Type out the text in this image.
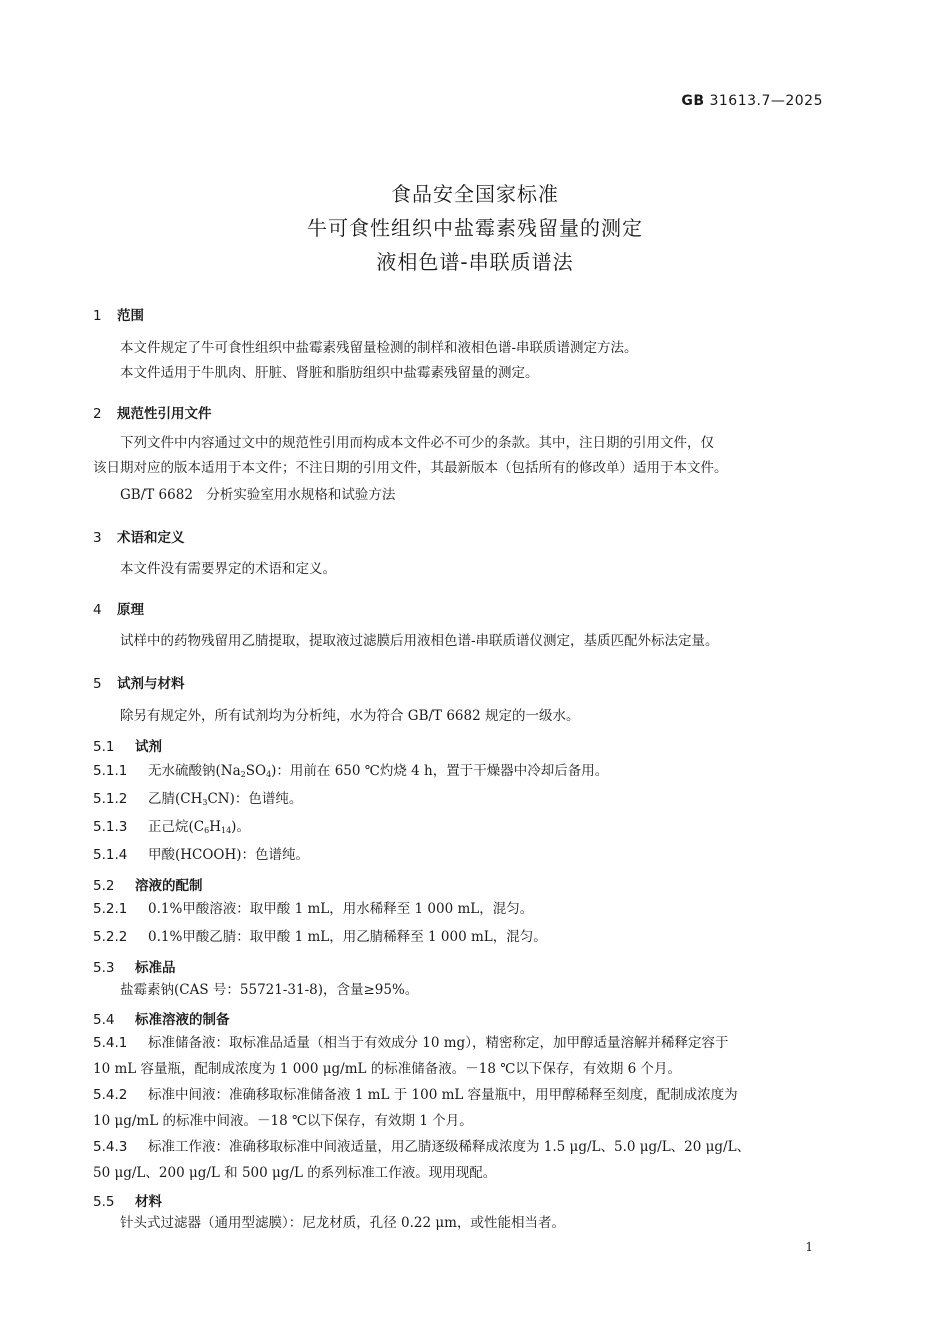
GB 31613.7—2025
食品安全国家标准
牛可食性组织中盐霉素残留量的测定
液相色谱-串联质谱法
1 范围
本文件规定了牛可食性组织中盐霉素残留量检测的制样和液相色谱-串联质谱测定方法。
本文件适用于牛肌肉、肝脏、肾脏和脂肪组织中盐霉素残留量的测定。
2 规范性引用文件
下列文件中内容通过文中的规范性引用而构成本文件必不可少的条款。其中，注日期的引用文件，仅
该日期对应的版本适用于本文件；不注日期的引用文件，其最新版本（包括所有的修改单）适用于本文件。
GB/T 6682　分析实验室用水规格和试验方法
3 术语和定义
本文件没有需要界定的术语和定义。
4 原理
试样中的药物残留用乙腈提取，提取液过滤膜后用液相色谱-串联质谱仪测定，基质匹配外标法定量。
5 试剂与材料
除另有规定外，所有试剂均为分析纯，水为符合 GB/T 6682 规定的一级水。
5.1 试剂
5.1.1 无水硫酸钠$(Na_2SO_4)$：用前在 650 ℃灼烧 4 h，置于干燥器中冷却后备用。
5.1.2 乙腈$(CH_3CN)$：色谱纯。
5.1.3 正己烷$(C_6H_{14})$。
5.1.4 甲酸(HCOOH)：色谱纯。
5.2 溶液的配制
5.2.1 0.1%甲酸溶液：取甲酸 1 mL，用水稀释至 1 000 mL，混匀。
5.2.2 0.1%甲酸乙腈：取甲酸 1 mL，用乙腈稀释至 1 000 mL，混匀。
5.3 标准品
盐霉素钠(CAS 号：55721-31-8)，含量≥95%。
5.4 标准溶液的制备
5.4.1 标准储备液：取标准品适量（相当于有效成分 10 mg），精密称定，加甲醇适量溶解并稀释定容于
10 mL 容量瓶，配制成浓度为 1 000 μg/mL 的标准储备液。－18 ℃以下保存，有效期 6 个月。
5.4.2 标准中间液：准确移取标准储备液 1 mL 于 100 mL 容量瓶中，用甲醇稀释至刻度，配制成浓度为
10 μg/mL 的标准中间液。－18 ℃以下保存，有效期 1 个月。
5.4.3 标准工作液：准确移取标准中间液适量，用乙腈逐级稀释成浓度为 1.5 μg/L、5.0 μg/L、20 μg/L、
50 μg/L、200 μg/L 和 500 μg/L 的系列标准工作液。现用现配。
5.5 材料
针头式过滤器（通用型滤膜）：尼龙材质，孔径 0.22 μm，或性能相当者。
1
